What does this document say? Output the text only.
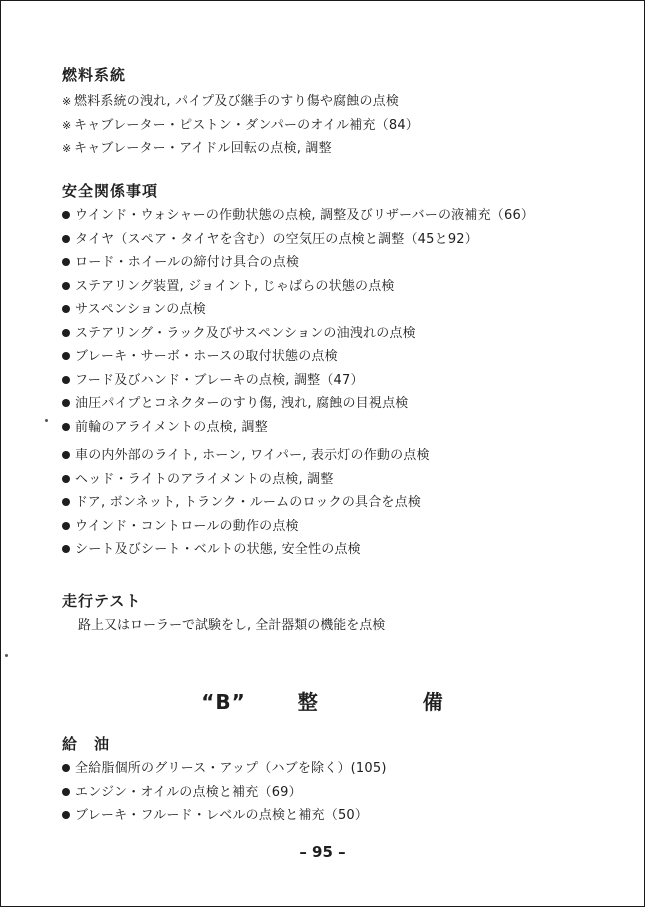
燃料系統
※ 燃料系統の洩れ, パイプ及び継手のすり傷や腐蝕の点検
※ キャブレーター・ピストン・ダンパーのオイル補充（84）
※ キャブレーター・アイドル回転の点検, 調整
安全関係事項
ウインド・ウォシャーの作動状態の点検, 調整及びリザーバーの液補充（66）
タイヤ（スペア・タイヤを含む）の空気圧の点検と調整（45と92）
ロード・ホイールの締付け具合の点検
ステアリング装置, ジョイント, じゃばらの状態の点検
サスペンションの点検
ステアリング・ラック及びサスペンションの油洩れの点検
ブレーキ・サーボ・ホースの取付状態の点検
フード及びハンド・ブレーキの点検, 調整（47）
油圧パイプとコネクターのすり傷, 洩れ, 腐蝕の目視点検
前輪のアライメントの点検, 調整
車の内外部のライト, ホーン, ワイパー, 表示灯の作動の点検
ヘッド・ライトのアライメントの点検, 調整
ドア, ボンネット, トランク・ルームのロックの具合を点検
ウインド・コントロールの動作の点検
シート及びシート・ベルトの状態, 安全性の点検
走行テスト

路上又はローラーで試験をし, 全計器類の機能を点検

“B”	整	備
給　油
全給脂個所のグリース・アップ（ハブを除く）(105)
エンジン・オイルの点検と補充（69）
ブレーキ・フルード・レベルの点検と補充（50）
– 95 –
